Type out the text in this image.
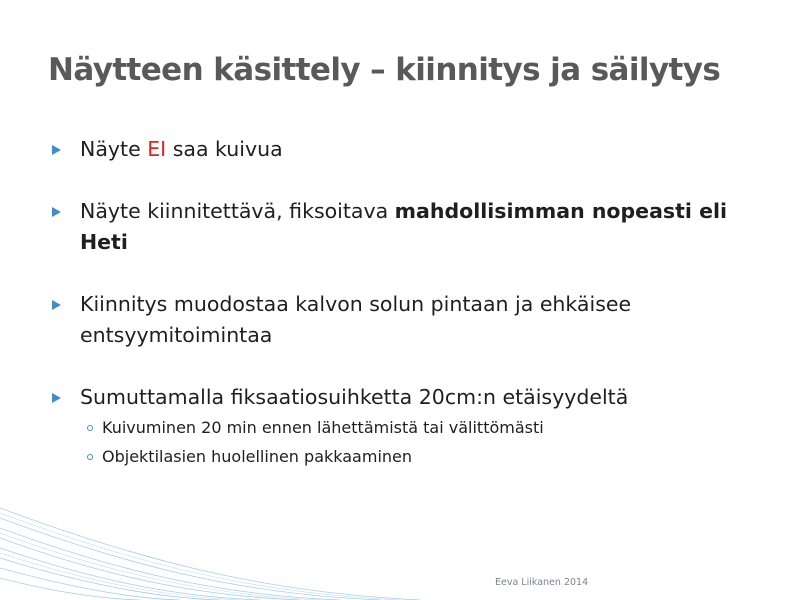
Näytteen käsittely – kiinnitys ja säilytys
Näyte EI saa kuivua
Näyte kiinnitettävä, fiksoitava mahdollisimman nopeasti eli Heti
Kiinnitys muodostaa kalvon solun pintaan ja ehkäisee entsyymitoimintaa
Sumuttamalla fiksaatiosuihketta 20cm:n etäisyydeltä
Kuivuminen 20 min ennen lähettämistä tai välittömästi
Objektilasien huolellinen pakkaaminen
Eeva Liikanen 2014
